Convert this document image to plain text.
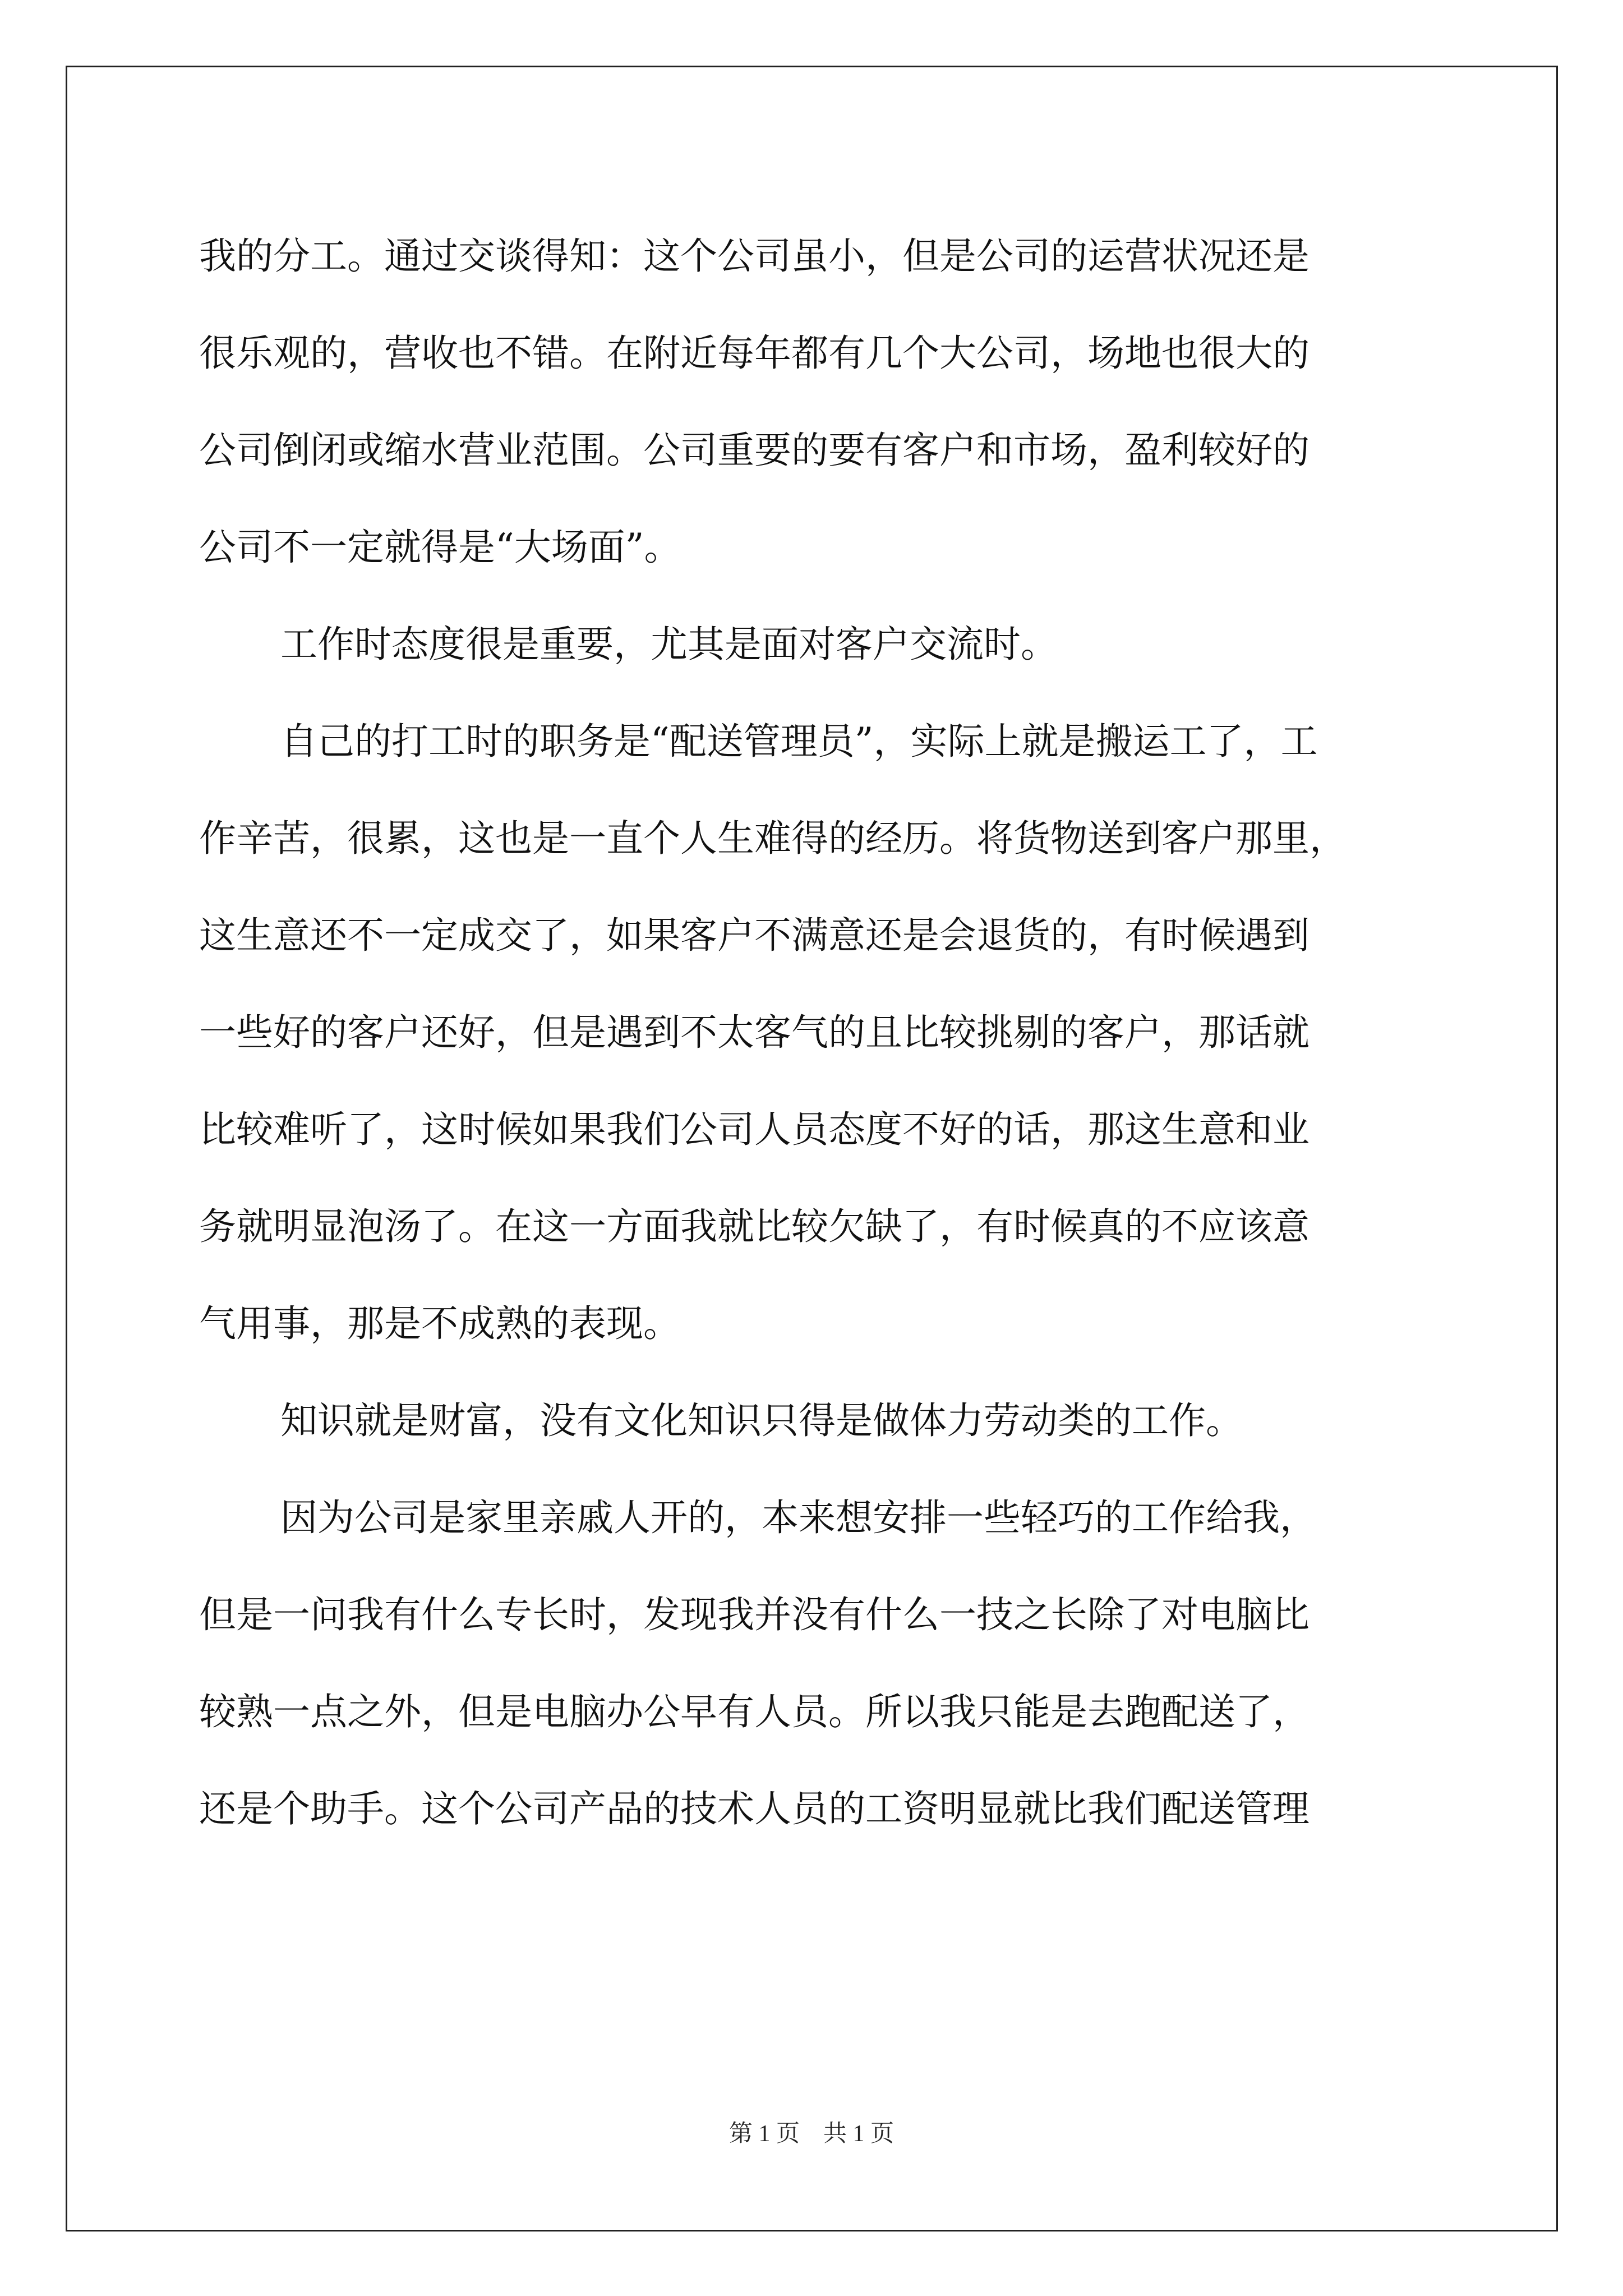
我的分工。通过交谈得知：这个公司虽小，但是公司的运营状况还是
很乐观的，营收也不错。在附近每年都有几个大公司，场地也很大的
公司倒闭或缩水营业范围。公司重要的要有客户和市场，盈利较好的
公司不一定就得是“大场面”。
工作时态度很是重要，尤其是面对客户交流时。
自己的打工时的职务是“配送管理员”，实际上就是搬运工了，工
作辛苦，很累，这也是一直个人生难得的经历。将货物送到客户那里，
这生意还不一定成交了，如果客户不满意还是会退货的，有时候遇到
一些好的客户还好，但是遇到不太客气的且比较挑剔的客户，那话就
比较难听了，这时候如果我们公司人员态度不好的话，那这生意和业
务就明显泡汤了。在这一方面我就比较欠缺了，有时候真的不应该意
气用事，那是不成熟的表现。
知识就是财富，没有文化知识只得是做体力劳动类的工作。
因为公司是家里亲戚人开的，本来想安排一些轻巧的工作给我，
但是一问我有什么专长时，发现我并没有什么一技之长除了对电脑比
较熟一点之外，但是电脑办公早有人员。所以我只能是去跑配送了，
还是个助手。这个公司产品的技术人员的工资明显就比我们配送管理
第 1 页　共 1 页
